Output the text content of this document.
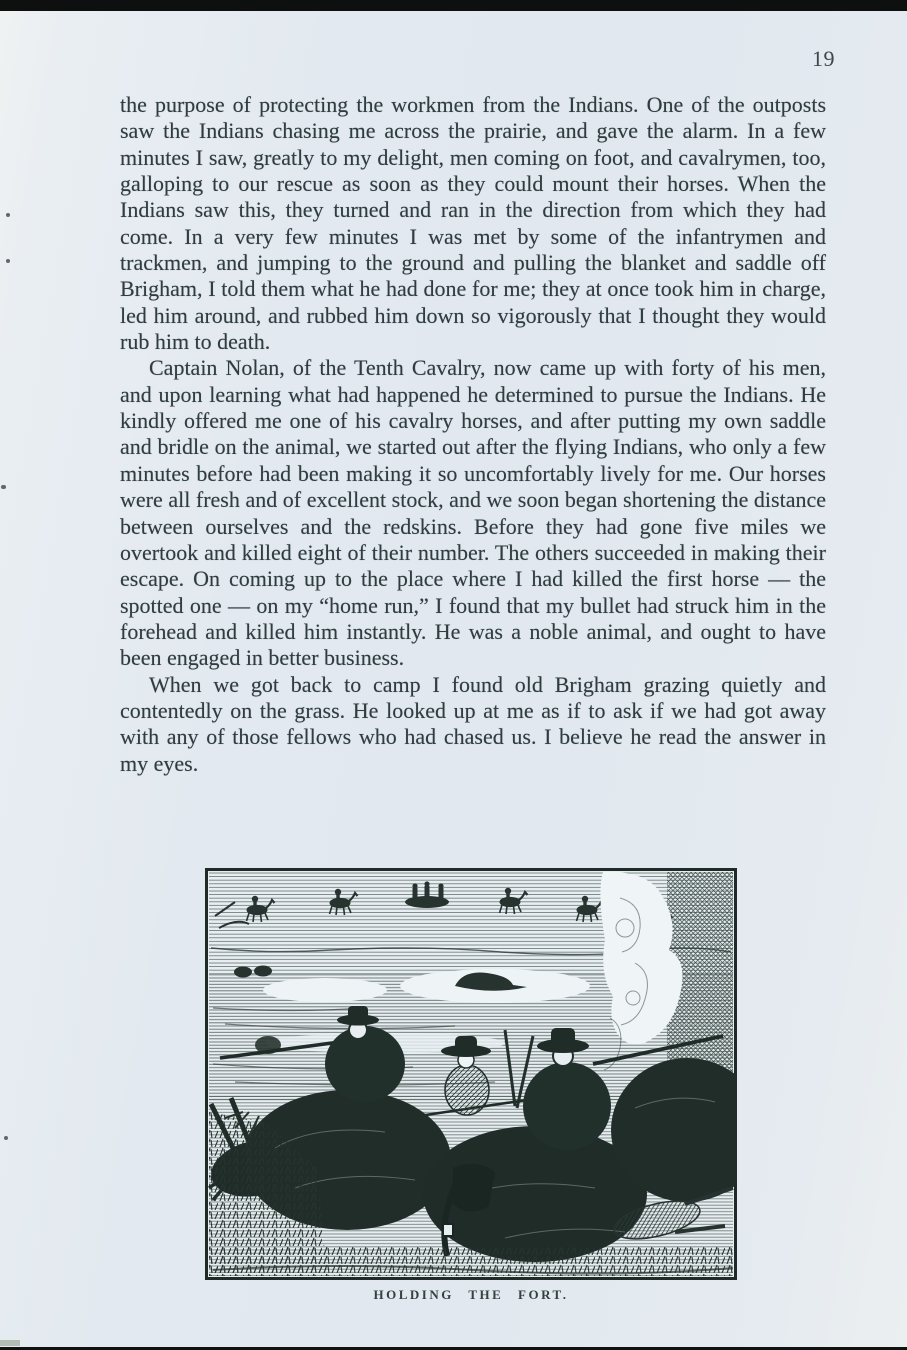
19

the purpose of protecting the workmen from the Indians. One of the outposts saw the Indians chasing me across the prairie, and gave the alarm. In a few minutes I saw, greatly to my delight, men coming on foot, and cavalrymen, too, galloping to our rescue as soon as they could mount their horses. When the Indians saw this, they turned and ran in the direction from which they had come. In a very few minutes I was met by some of the infantrymen and trackmen, and jumping to the ground and pulling the blanket and saddle off Brigham, I told them what he had done for me; they at once took him in charge, led him around, and rubbed him down so vigorously that I thought they would rub him to death.

Captain Nolan, of the Tenth Cavalry, now came up with forty of his men, and upon learning what had happened he determined to pursue the Indians. He kindly offered me one of his cavalry horses, and after putting my own saddle and bridle on the animal, we started out after the flying Indians, who only a few minutes before had been making it so uncomfortably lively for me. Our horses were all fresh and of excellent stock, and we soon began shortening the distance between ourselves and the redskins. Before they had gone five miles we overtook and killed eight of their number. The others succeeded in making their escape. On coming up to the place where I had killed the first horse — the spotted one — on my “home run,” I found that my bullet had struck him in the forehead and killed him instantly. He was a noble animal, and ought to have been engaged in better business.

When we got back to camp I found old Brigham grazing quietly and contentedly on the grass. He looked up at me as if to ask if we had got away with any of those fellows who had chased us. I believe he read the answer in my eyes.

HOLDING THE FORT.
